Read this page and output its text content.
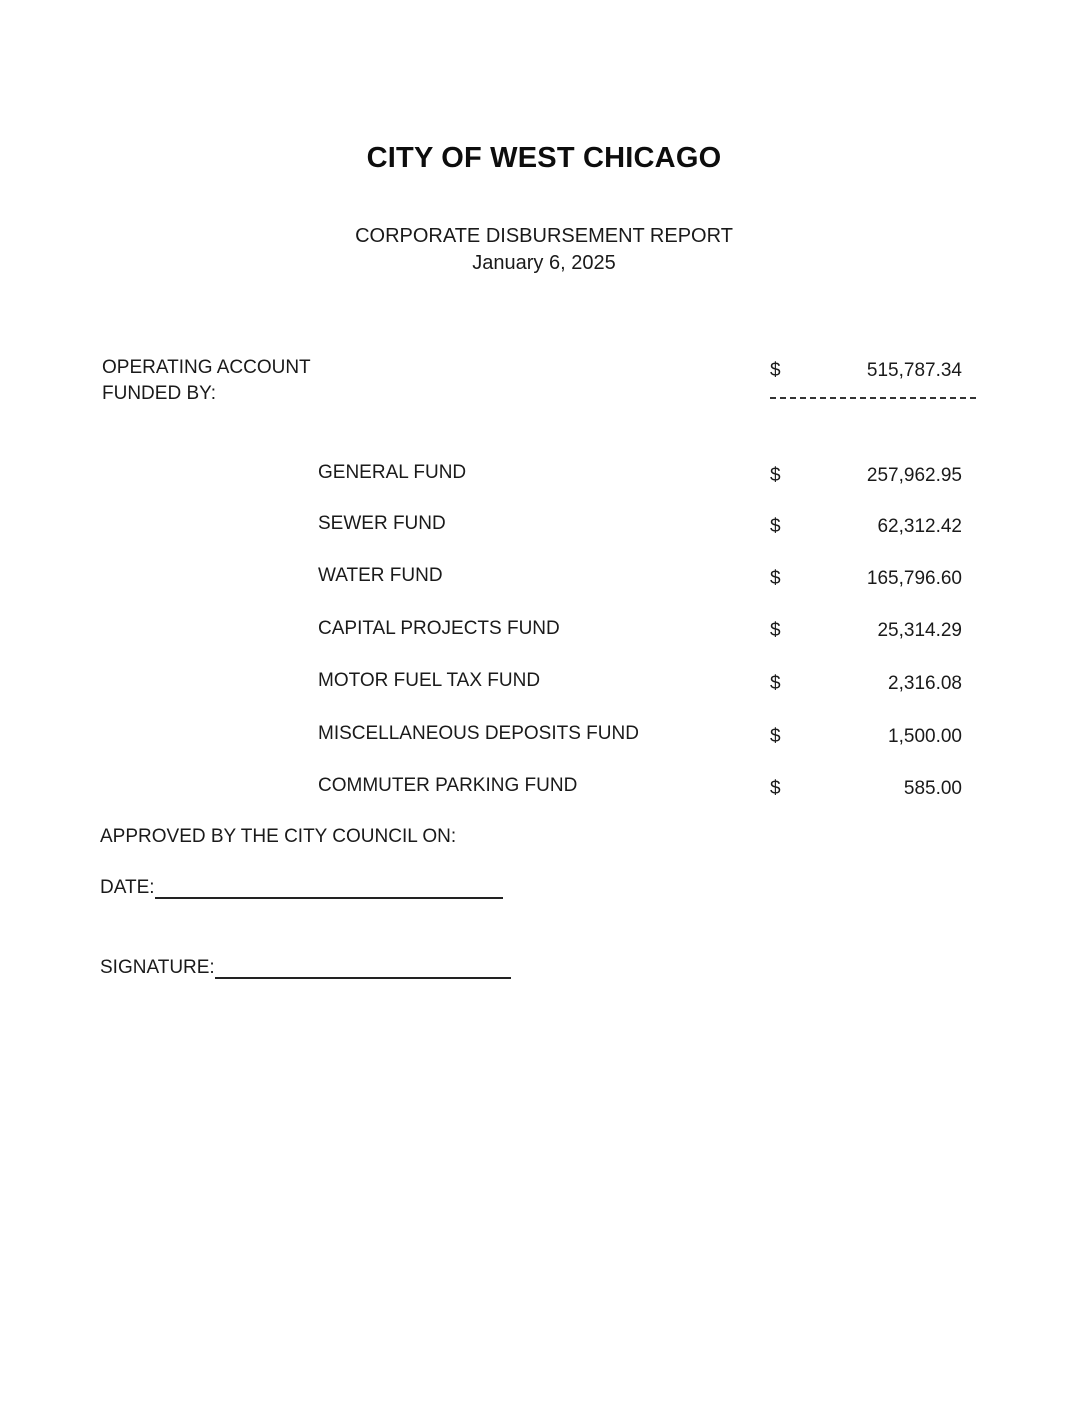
CITY OF WEST CHICAGO
CORPORATE DISBURSEMENT REPORT
January 6, 2025
OPERATING ACCOUNT
FUNDED BY:
$	515,787.34
GENERAL FUND	$	257,962.95
SEWER FUND	$	62,312.42
WATER FUND	$	165,796.60
CAPITAL PROJECTS FUND	$	25,314.29
MOTOR FUEL TAX FUND	$	2,316.08
MISCELLANEOUS DEPOSITS FUND	$	1,500.00
COMMUTER PARKING FUND	$	585.00
APPROVED BY THE CITY COUNCIL ON:
DATE:
SIGNATURE:
